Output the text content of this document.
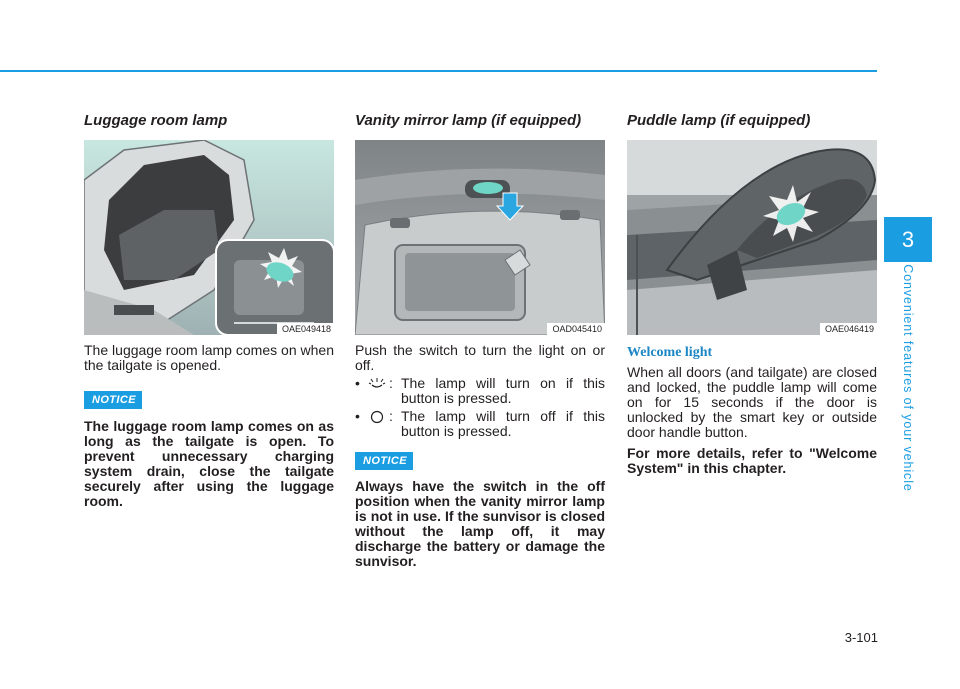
3
Convenient features of your vehicle
3-101
Luggage room lamp
OAE049418

The luggage room lamp comes on when the tailgate is opened.

NOTICE

The luggage room lamp comes on as long as the tailgate is open. To prevent unnecessary charging system drain, close the tailgate securely after using the luggage room.

Vanity mirror lamp (if equipped)
OAD045410

Push the switch to turn the light on or off.

•	: The lamp will turn on if this button is pressed.
•	: The lamp will turn off if this button is pressed.
NOTICE

Always have the switch in the off position when the vanity mirror lamp is not in use. If the sunvisor is closed without the lamp off, it may discharge the battery or damage the sunvisor.

Puddle lamp (if equipped)
OAE046419
Welcome light

When all doors (and tailgate) are closed and locked, the puddle lamp will come on for 15 seconds if the door is unlocked by the smart key or outside door handle button.

For more details, refer to "Welcome System" in this chapter.
